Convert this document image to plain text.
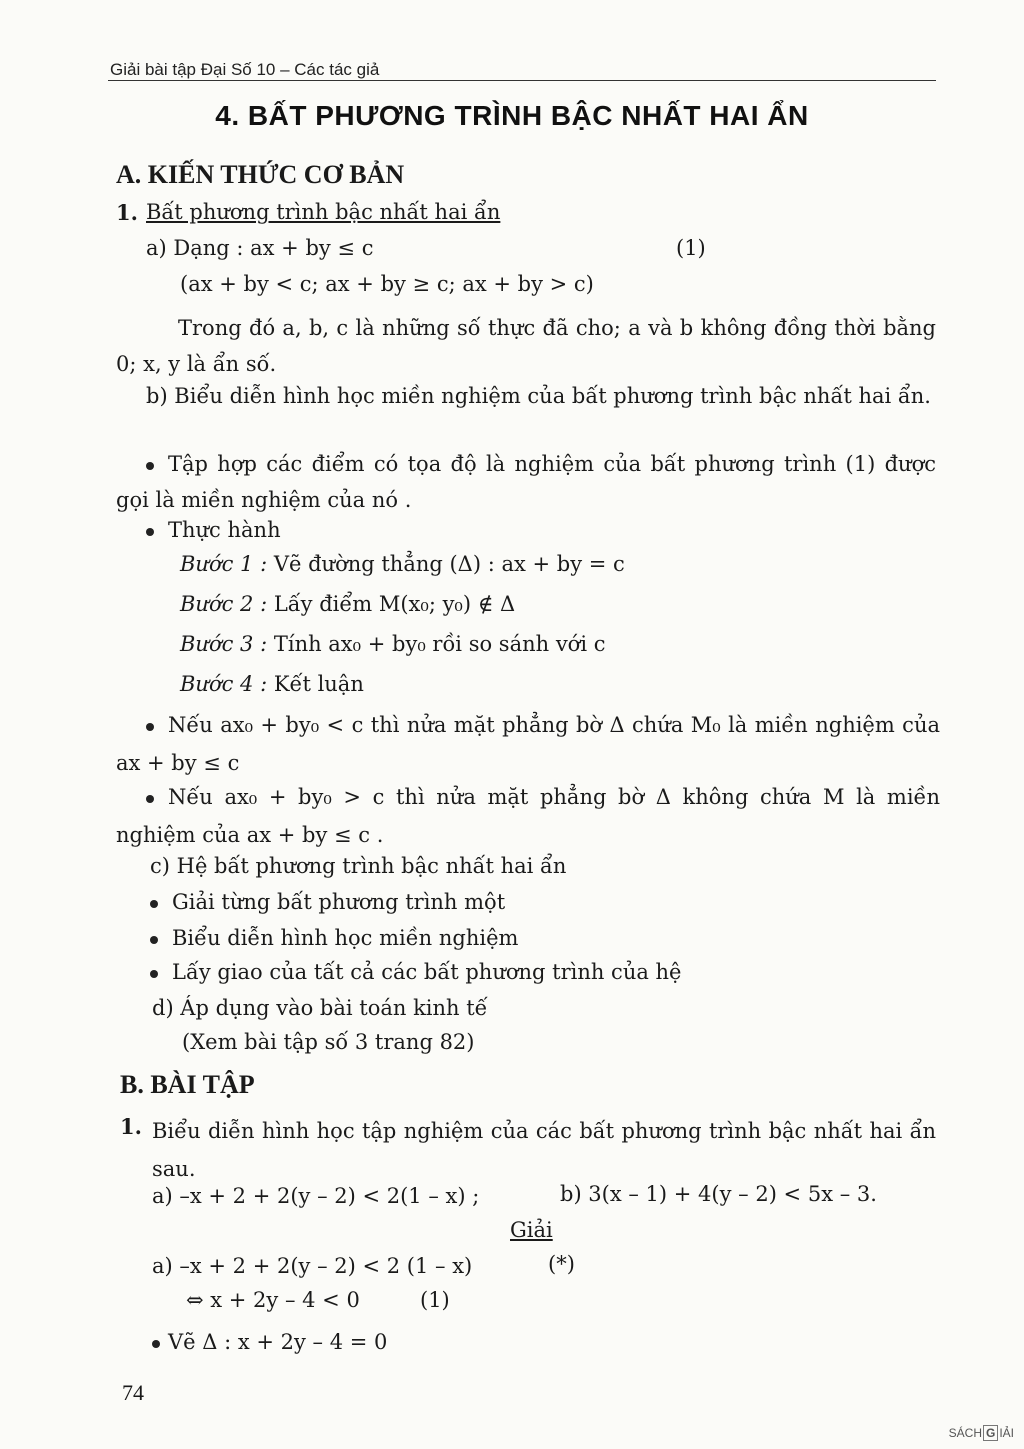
Giải bài tập Đại Số 10 – Các tác giả
4. BẤT PHƯƠNG TRÌNH BẬC NHẤT HAI ẨN
A. KIẾN THỨC CƠ BẢN
1. Bất phương trình bậc nhất hai ẩn
a) Dạng : ax + by ≤ c	(1)
(ax + by < c; ax + by ≥ c; ax + by > c)
Trong đó a, b, c là những số thực đã cho; a và b không đồng thời bằng 0; x, y là ẩn số.
b) Biểu diễn hình học miền nghiệm của bất phương trình bậc nhất hai ẩn.
Tập hợp các điểm có tọa độ là nghiệm của bất phương trình (1) được gọi là miền nghiệm của nó .
Thực hành
Bước 1 : Vẽ đường thẳng (Δ) : ax + by = c
Bước 2 : Lấy điểm M(x₀; y₀) ∉ Δ
Bước 3 : Tính ax₀ + by₀ rồi so sánh với c
Bước 4 : Kết luận
Nếu ax₀ + by₀ < c thì nửa mặt phẳng bờ Δ chứa M₀ là miền nghiệm của ax + by ≤ c
Nếu ax₀ + by₀ > c thì nửa mặt phẳng bờ Δ không chứa M là miền nghiệm của ax + by ≤ c .
c) Hệ bất phương trình bậc nhất hai ẩn
Giải từng bất phương trình một
Biểu diễn hình học miền nghiệm
Lấy giao của tất cả các bất phương trình của hệ
d) Áp dụng vào bài toán kinh tế
(Xem bài tập số 3 trang 82)
B. BÀI TẬP
1. Biểu diễn hình học tập nghiệm của các bất phương trình bậc nhất hai ẩn sau.
a) –x + 2 + 2(y – 2) < 2(1 – x) ;	b) 3(x – 1) + 4(y – 2) < 5x – 3.
Giải
a) –x + 2 + 2(y – 2) < 2 (1 – x)	(*)
⇔ x + 2y – 4 < 0	(1)
Vẽ Δ : x + 2y – 4 = 0
74
SÁCH G IẢI
